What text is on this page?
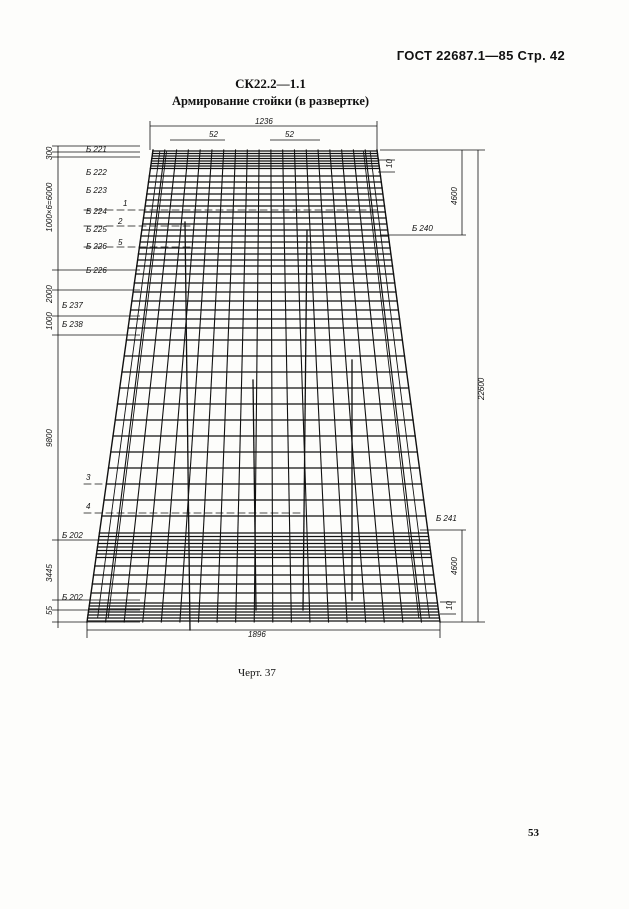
ГОСТ 22687.1—85 Стр. 42
СК22.2—1.1
Армирование стойки (в развертке)
1236
52	52
300
1000×6=6000
2000
1000
9800
3445
55
Б 221
Б 222
Б 223
Б 224
Б 225
Б 226
Б 226
Б 237
Б 238
Б 202
Б 202
1
2
5
3
4
10
Б 240
4600
22600
Б 241
4600
10
1896
Черт. 37
53
